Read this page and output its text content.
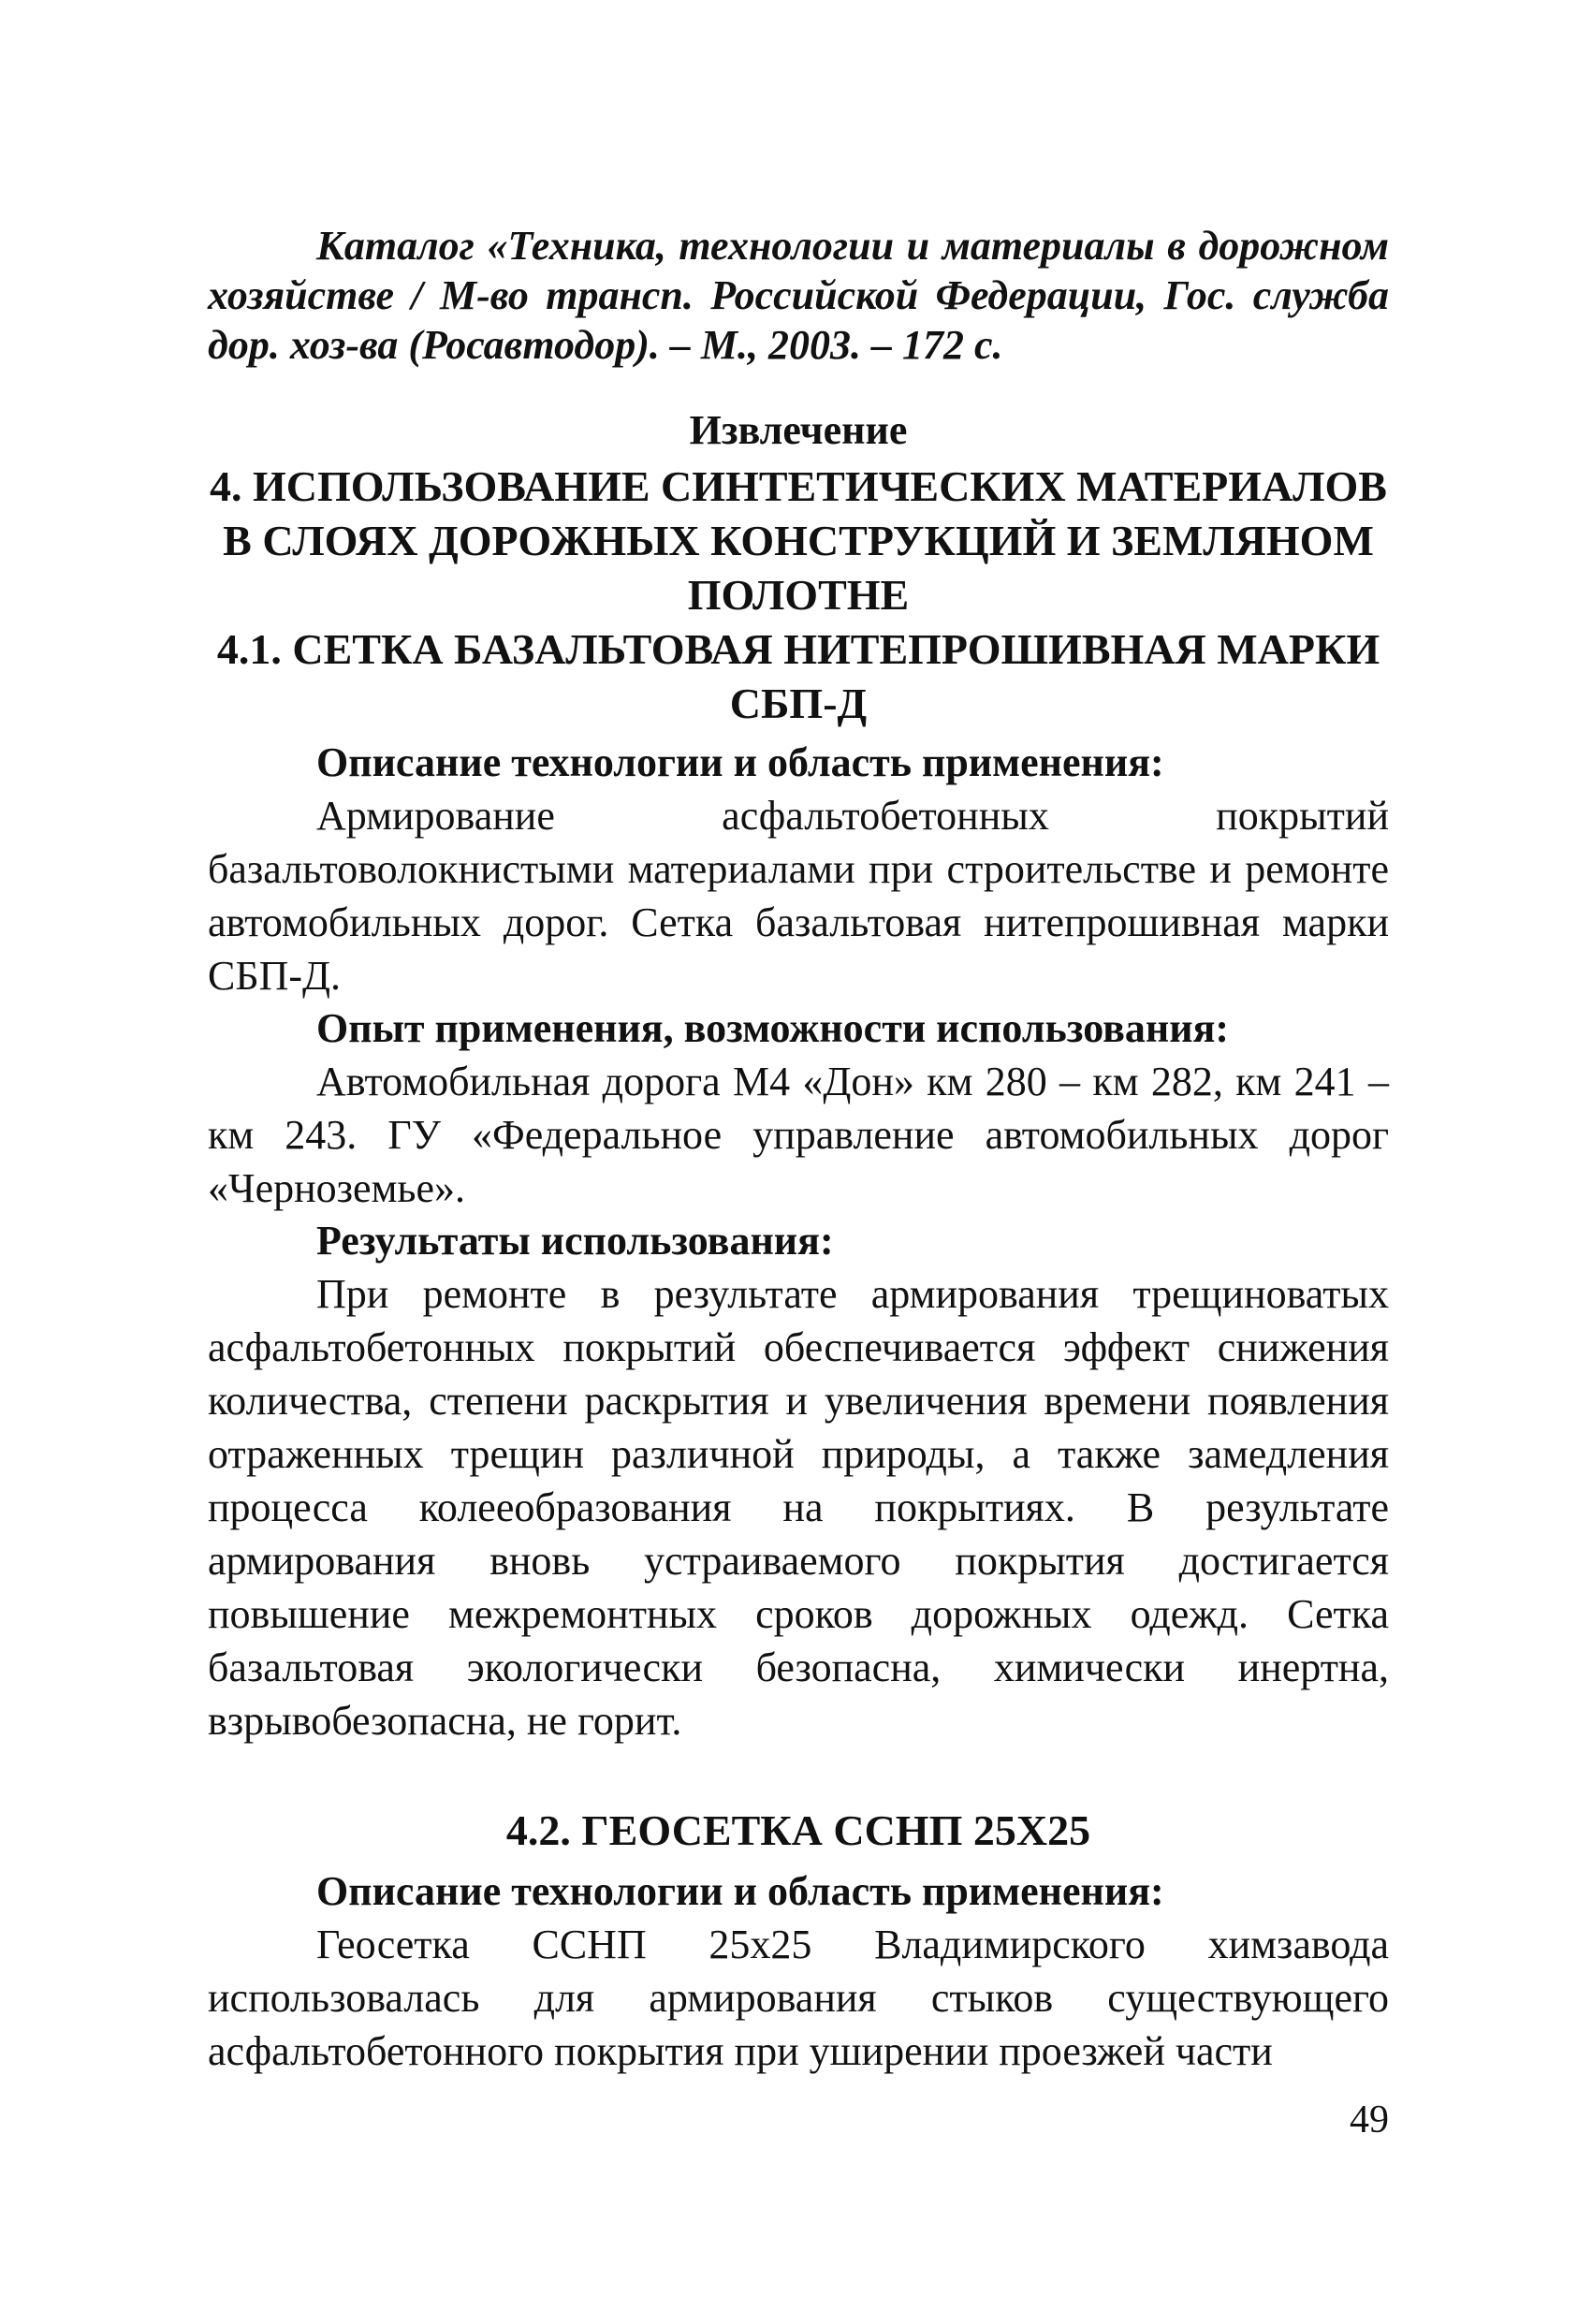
Каталог «Техника, технологии и материалы в дорожном хозяйстве / М-во трансп. Российской Федерации, Гос. служба дор. хоз-ва (Росавтодор). – М., 2003. – 172 с.

Извлечение

4. ИСПОЛЬЗОВАНИЕ СИНТЕТИЧЕСКИХ МАТЕРИАЛОВ

В СЛОЯХ ДОРОЖНЫХ КОНСТРУКЦИЙ И ЗЕМЛЯНОМ

ПОЛОТНЕ

4.1. СЕТКА БАЗАЛЬТОВАЯ НИТЕПРОШИВНАЯ МАРКИ

СБП-Д

Описание технологии и область применения:

Армирование асфальтобетонных покрытий базальтоволокнистыми материалами при строительстве и ремонте автомобильных дорог. Сетка базальтовая нитепрошивная марки СБП-Д.

Опыт применения, возможности использования:

Автомобильная дорога М4 «Дон» км 280 – км 282, км 241 – км 243. ГУ «Федеральное управление автомобильных дорог «Черноземье».

Результаты использования:

При ремонте в результате армирования трещиноватых асфальтобетонных покрытий обеспечивается эффект снижения количества, степени раскрытия и увеличения времени появления отраженных трещин различной природы, а также замедления процесса колееобразования на покрытиях. В результате армирования вновь устраиваемого покрытия достигается повышение межремонтных сроков дорожных одежд. Сетка базальтовая экологически безопасна, химически инертна, взрывобезопасна, не горит.

4.2. ГЕОСЕТКА ССНП 25Х25

Описание технологии и область применения:

Геосетка ССНП 25х25 Владимирского химзавода использовалась для армирования стыков существующего асфальтобетонного покрытия при уширении проезжей части

49
